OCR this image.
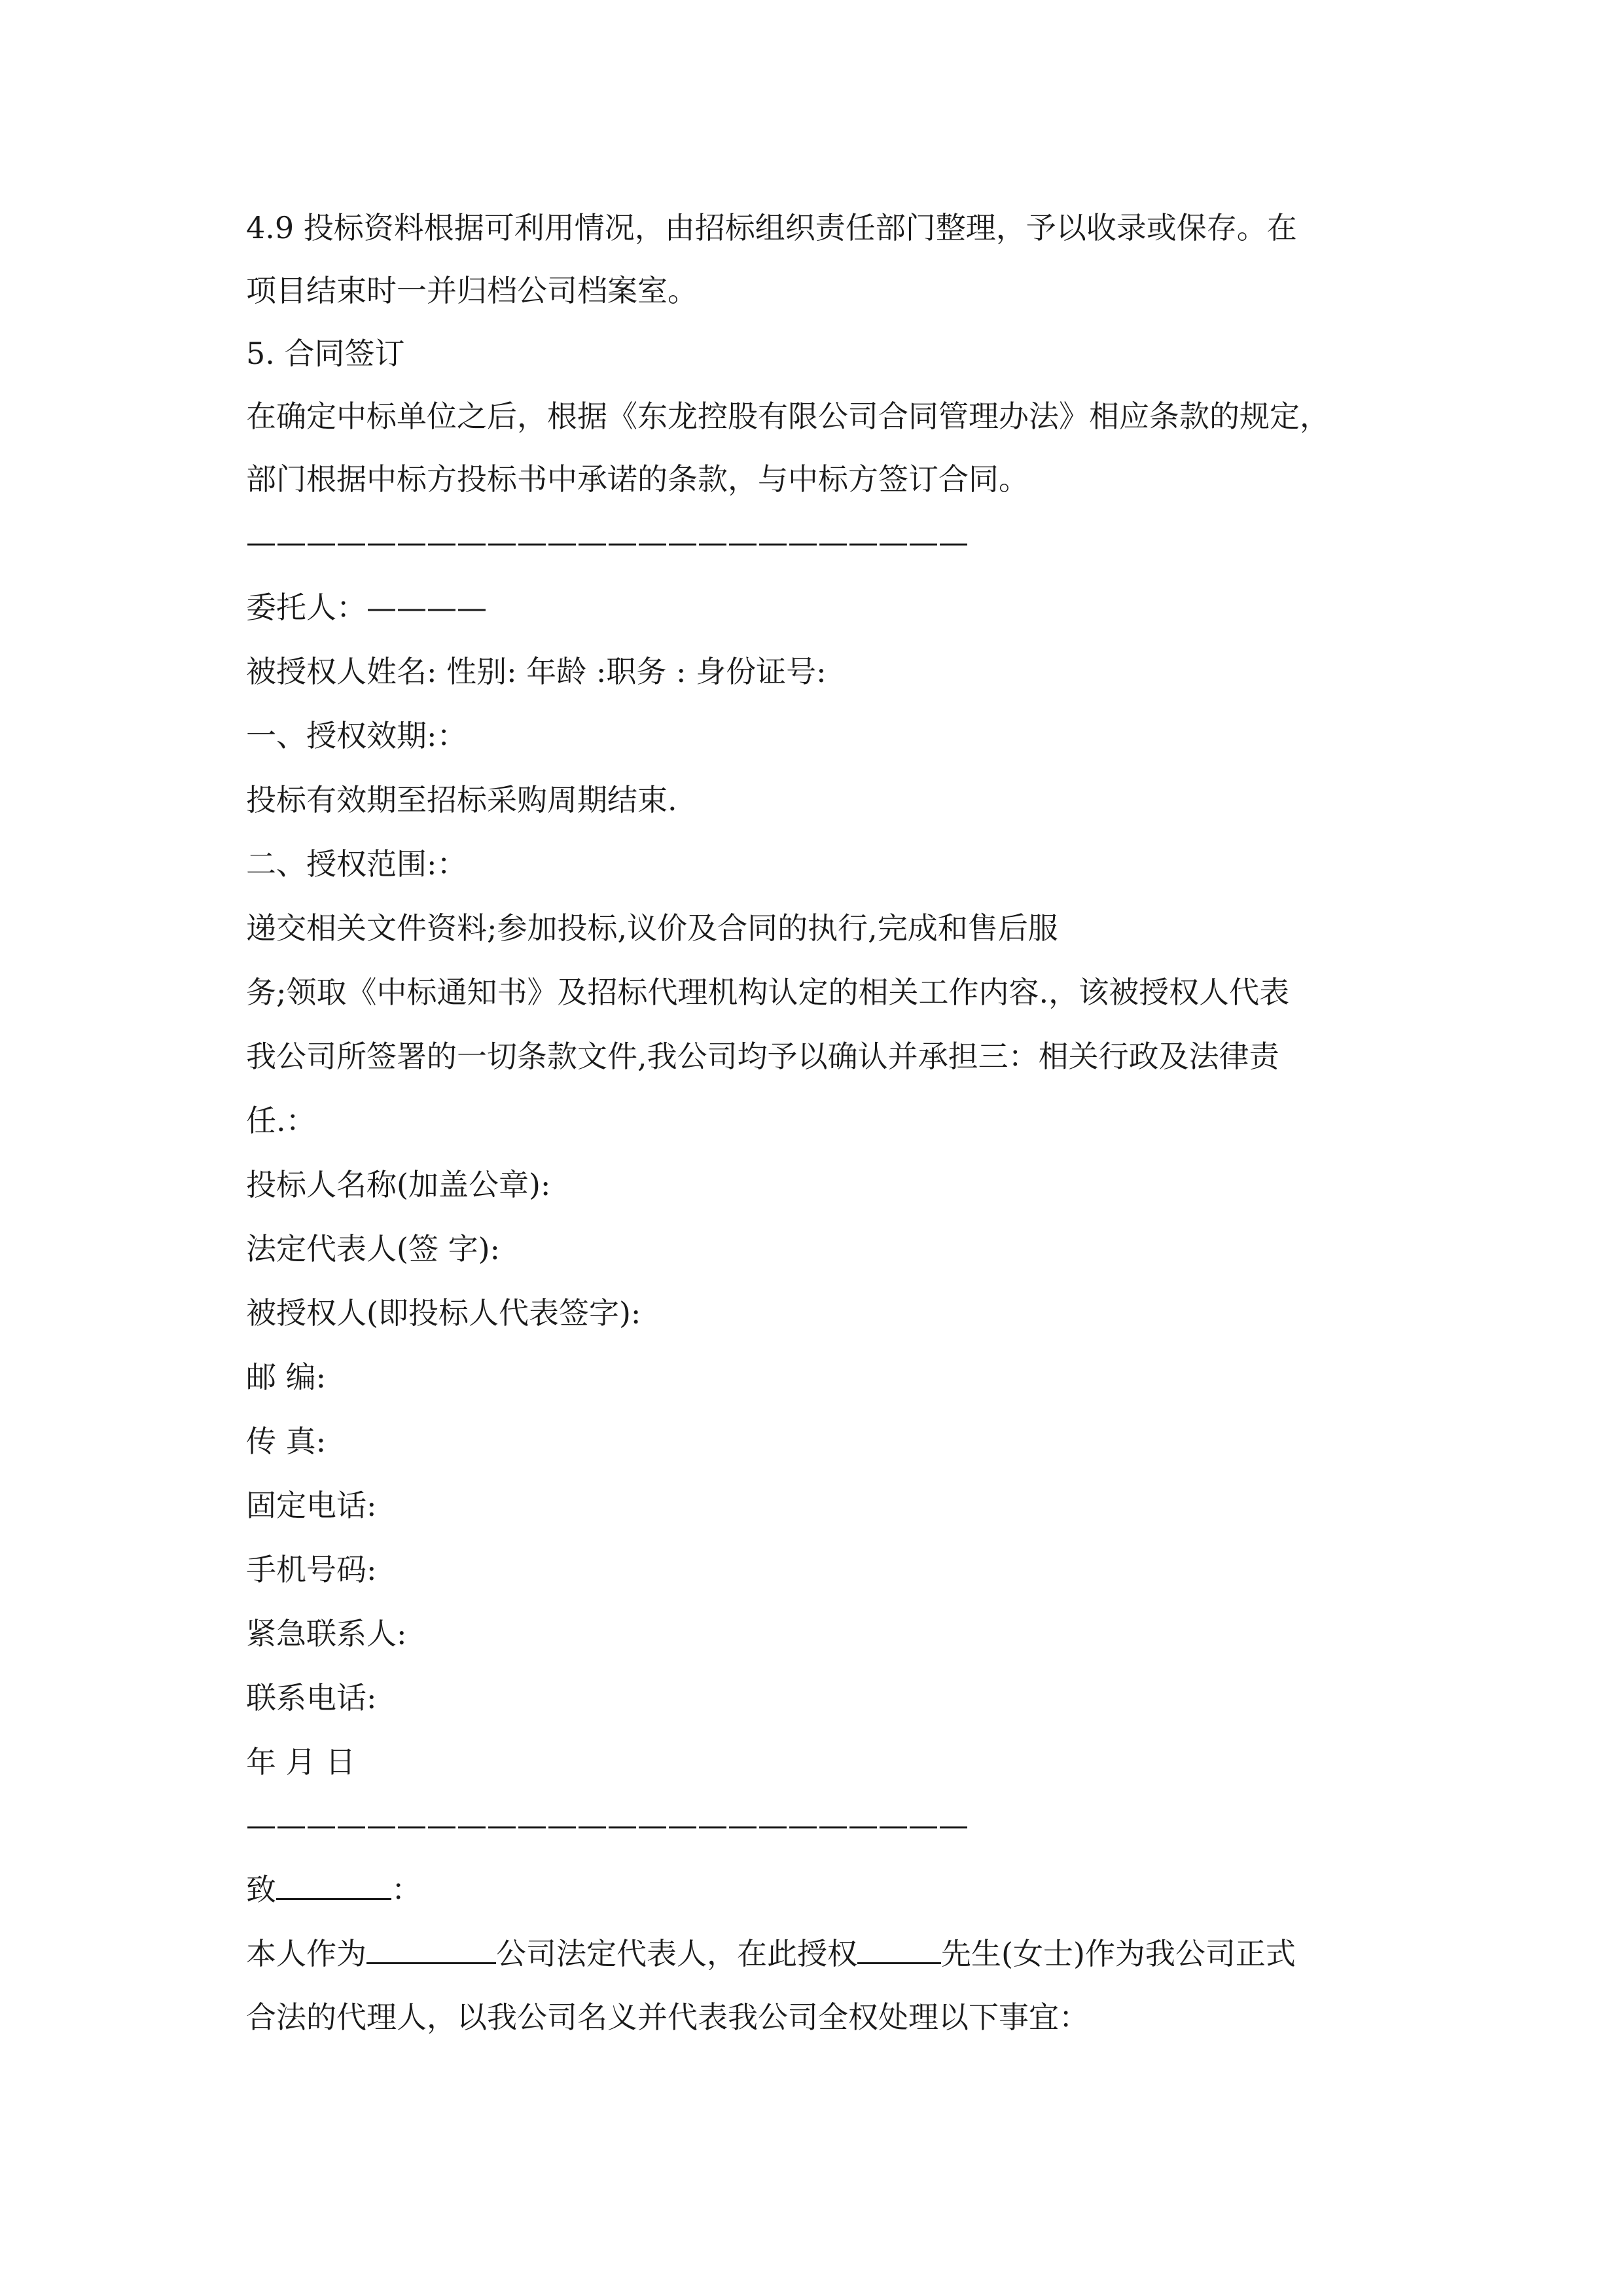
4.9 投标资料根据可利用情况，由招标组织责任部门整理，予以收录或保存。在
项目结束时一并归档公司档案室。
5. 合同签订
在确定中标单位之后，根据《东龙控股有限公司合同管理办法》相应条款的规定，
部门根据中标方投标书中承诺的条款，与中标方签订合同。
————————————————————————
委托人：————
被授权人姓名: 性别: 年龄 :职务 : 身份证号:
一、授权效期:：
投标有效期至招标采购周期结束.
二、授权范围:：
递交相关文件资料;参加投标,议价及合同的执行,完成和售后服
务;领取《中标通知书》及招标代理机构认定的相关工作内容.，该被授权人代表
我公司所签署的一切条款文件,我公司均予以确认并承担三：相关行政及法律责
任.：
投标人名称(加盖公章):
法定代表人(签 字):
被授权人(即投标人代表签字):
邮 编:
传 真:
固定电话:
手机号码:
紧急联系人:
联系电话:
年 月 日
————————————————————————
致	：
本人作为	公司法定代表人，在此授权	先生(女士)作为我公司正式
合法的代理人，以我公司名义并代表我公司全权处理以下事宜：
